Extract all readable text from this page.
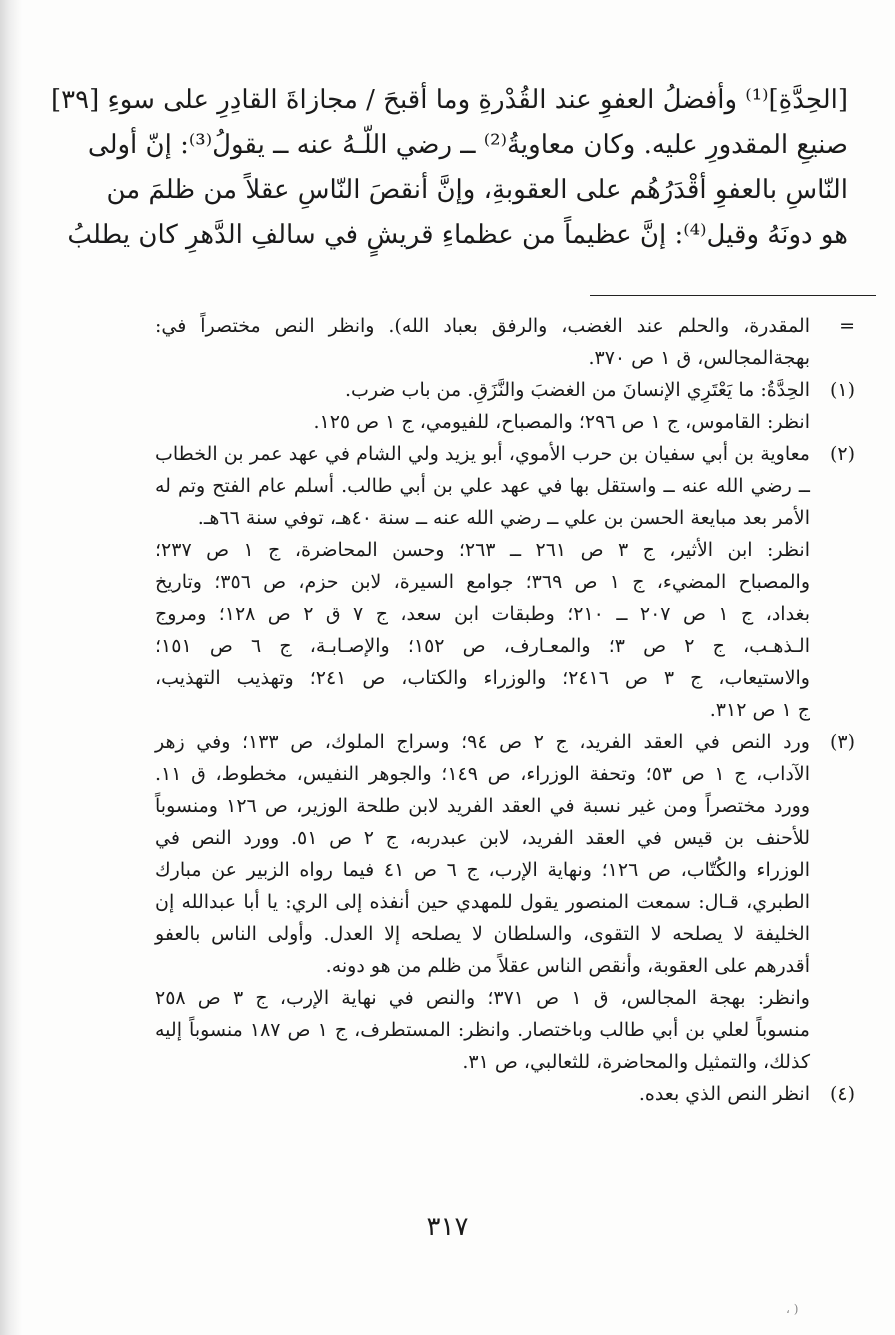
[الحِدَّةِ]⁽¹⁾ وأفضلُ العفوِ عند القُدْرةِ وما أقبحَ / مجازاةَ القادِرِ على سوءِ [٣٩]
صنيعِ المقدورِ عليه. وكان معاويةُ⁽²⁾ ــ رضي اللّـهُ عنه ــ يقولُ⁽³⁾: إنّ أولى
النّاسِ بالعفوِ أقْدَرُهُم على العقوبةِ، وإنَّ أنقصَ النّاسِ عقلاً من ظلمَ من
هو دونَهُ وقيل⁽⁴⁾: إنَّ عظيماً من عظماءِ قريشٍ في سالفِ الدَّهرِ كان يطلبُ
=
المقدرة، والحلم عند الغضب، والرفق بعباد الله). وانظر النص مختصراً في:
بهجةالمجالس، ق ١ ص ٣٧٠.
(١)
الحِدَّةُ: ما يَعْتَرِي الإنسانَ من الغضبَ والنَّزَقِ. من باب ضرب.
انظر: القاموس، ج ١ ص ٢٩٦؛ والمصباح، للفيومي، ج ١ ص ١٢٥.
(٢)
معاوية بن أبي سفيان بن حرب الأموي، أبو يزيد ولي الشام في عهد عمر بن الخطاب
ــ رضي الله عنه ــ واستقل بها في عهد علي بن أبي طالب. أسلم عام الفتح وتم له
الأمر بعد مبايعة الحسن بن علي ــ رضي الله عنه ــ سنة ٤٠هـ، توفي سنة ٦٦هـ.
انظر: ابن الأثير، ج ٣ ص ٢٦١ ــ ٢٦٣؛ وحسن المحاضرة، ج ١ ص ٢٣٧؛
والمصباح المضيء، ج ١ ص ٣٦٩؛ جوامع السيرة، لابن حزم، ص ٣٥٦؛ وتاريخ
بغداد، ج ١ ص ٢٠٧ ــ ٢١٠؛ وطبقات ابن سعد، ج ٧ ق ٢ ص ١٢٨؛ ومروج
الـذهـب، ج ٢ ص ٣؛ والمعـارف، ص ١٥٢؛ والإصـابـة، ج ٦ ص ١٥١؛
والاستيعاب، ج ٣ ص ٢٤١٦؛ والوزراء والكتاب، ص ٢٤١؛ وتهذيب التهذيب،
ج ١ ص ٣١٢.
(٣)
ورد النص في العقد الفريد، ج ٢ ص ٩٤؛ وسراج الملوك، ص ١٣٣؛ وفي زهر
الآداب، ج ١ ص ٥٣؛ وتحفة الوزراء، ص ١٤٩؛ والجوهر النفيس، مخطوط، ق ١١.
وورد مختصراً ومن غير نسبة في العقد الفريد لابن طلحة الوزير، ص ١٢٦ ومنسوباً
للأحنف بن قيس في العقد الفريد، لابن عبدربه، ج ٢ ص ٥١. وورد النص في
الوزراء والكُتّاب، ص ١٢٦؛ ونهاية الإرب، ج ٦ ص ٤١ فيما رواه الزبير عن مبارك
الطبري، قـال: سمعت المنصور يقول للمهدي حين أنفذه إلى الري: يا أبا عبدالله إن
الخليفة لا يصلحه لا التقوى، والسلطان لا يصلحه إلا العدل. وأولى الناس بالعفو
أقدرهم على العقوبة، وأنقص الناس عقلاً من ظلم من هو دونه.
وانظر: بهجة المجالس، ق ١ ص ٣٧١؛ والنص في نهاية الإرب، ج ٣ ص ٢٥٨
منسوباً لعلي بن أبي طالب وباختصار. وانظر: المستطرف، ج ١ ص ١٨٧ منسوباً إليه
كذلك، والتمثيل والمحاضرة، للثعالبي، ص ٣١.
(٤)
انظر النص الذي بعده.
٣١٧
( ،
